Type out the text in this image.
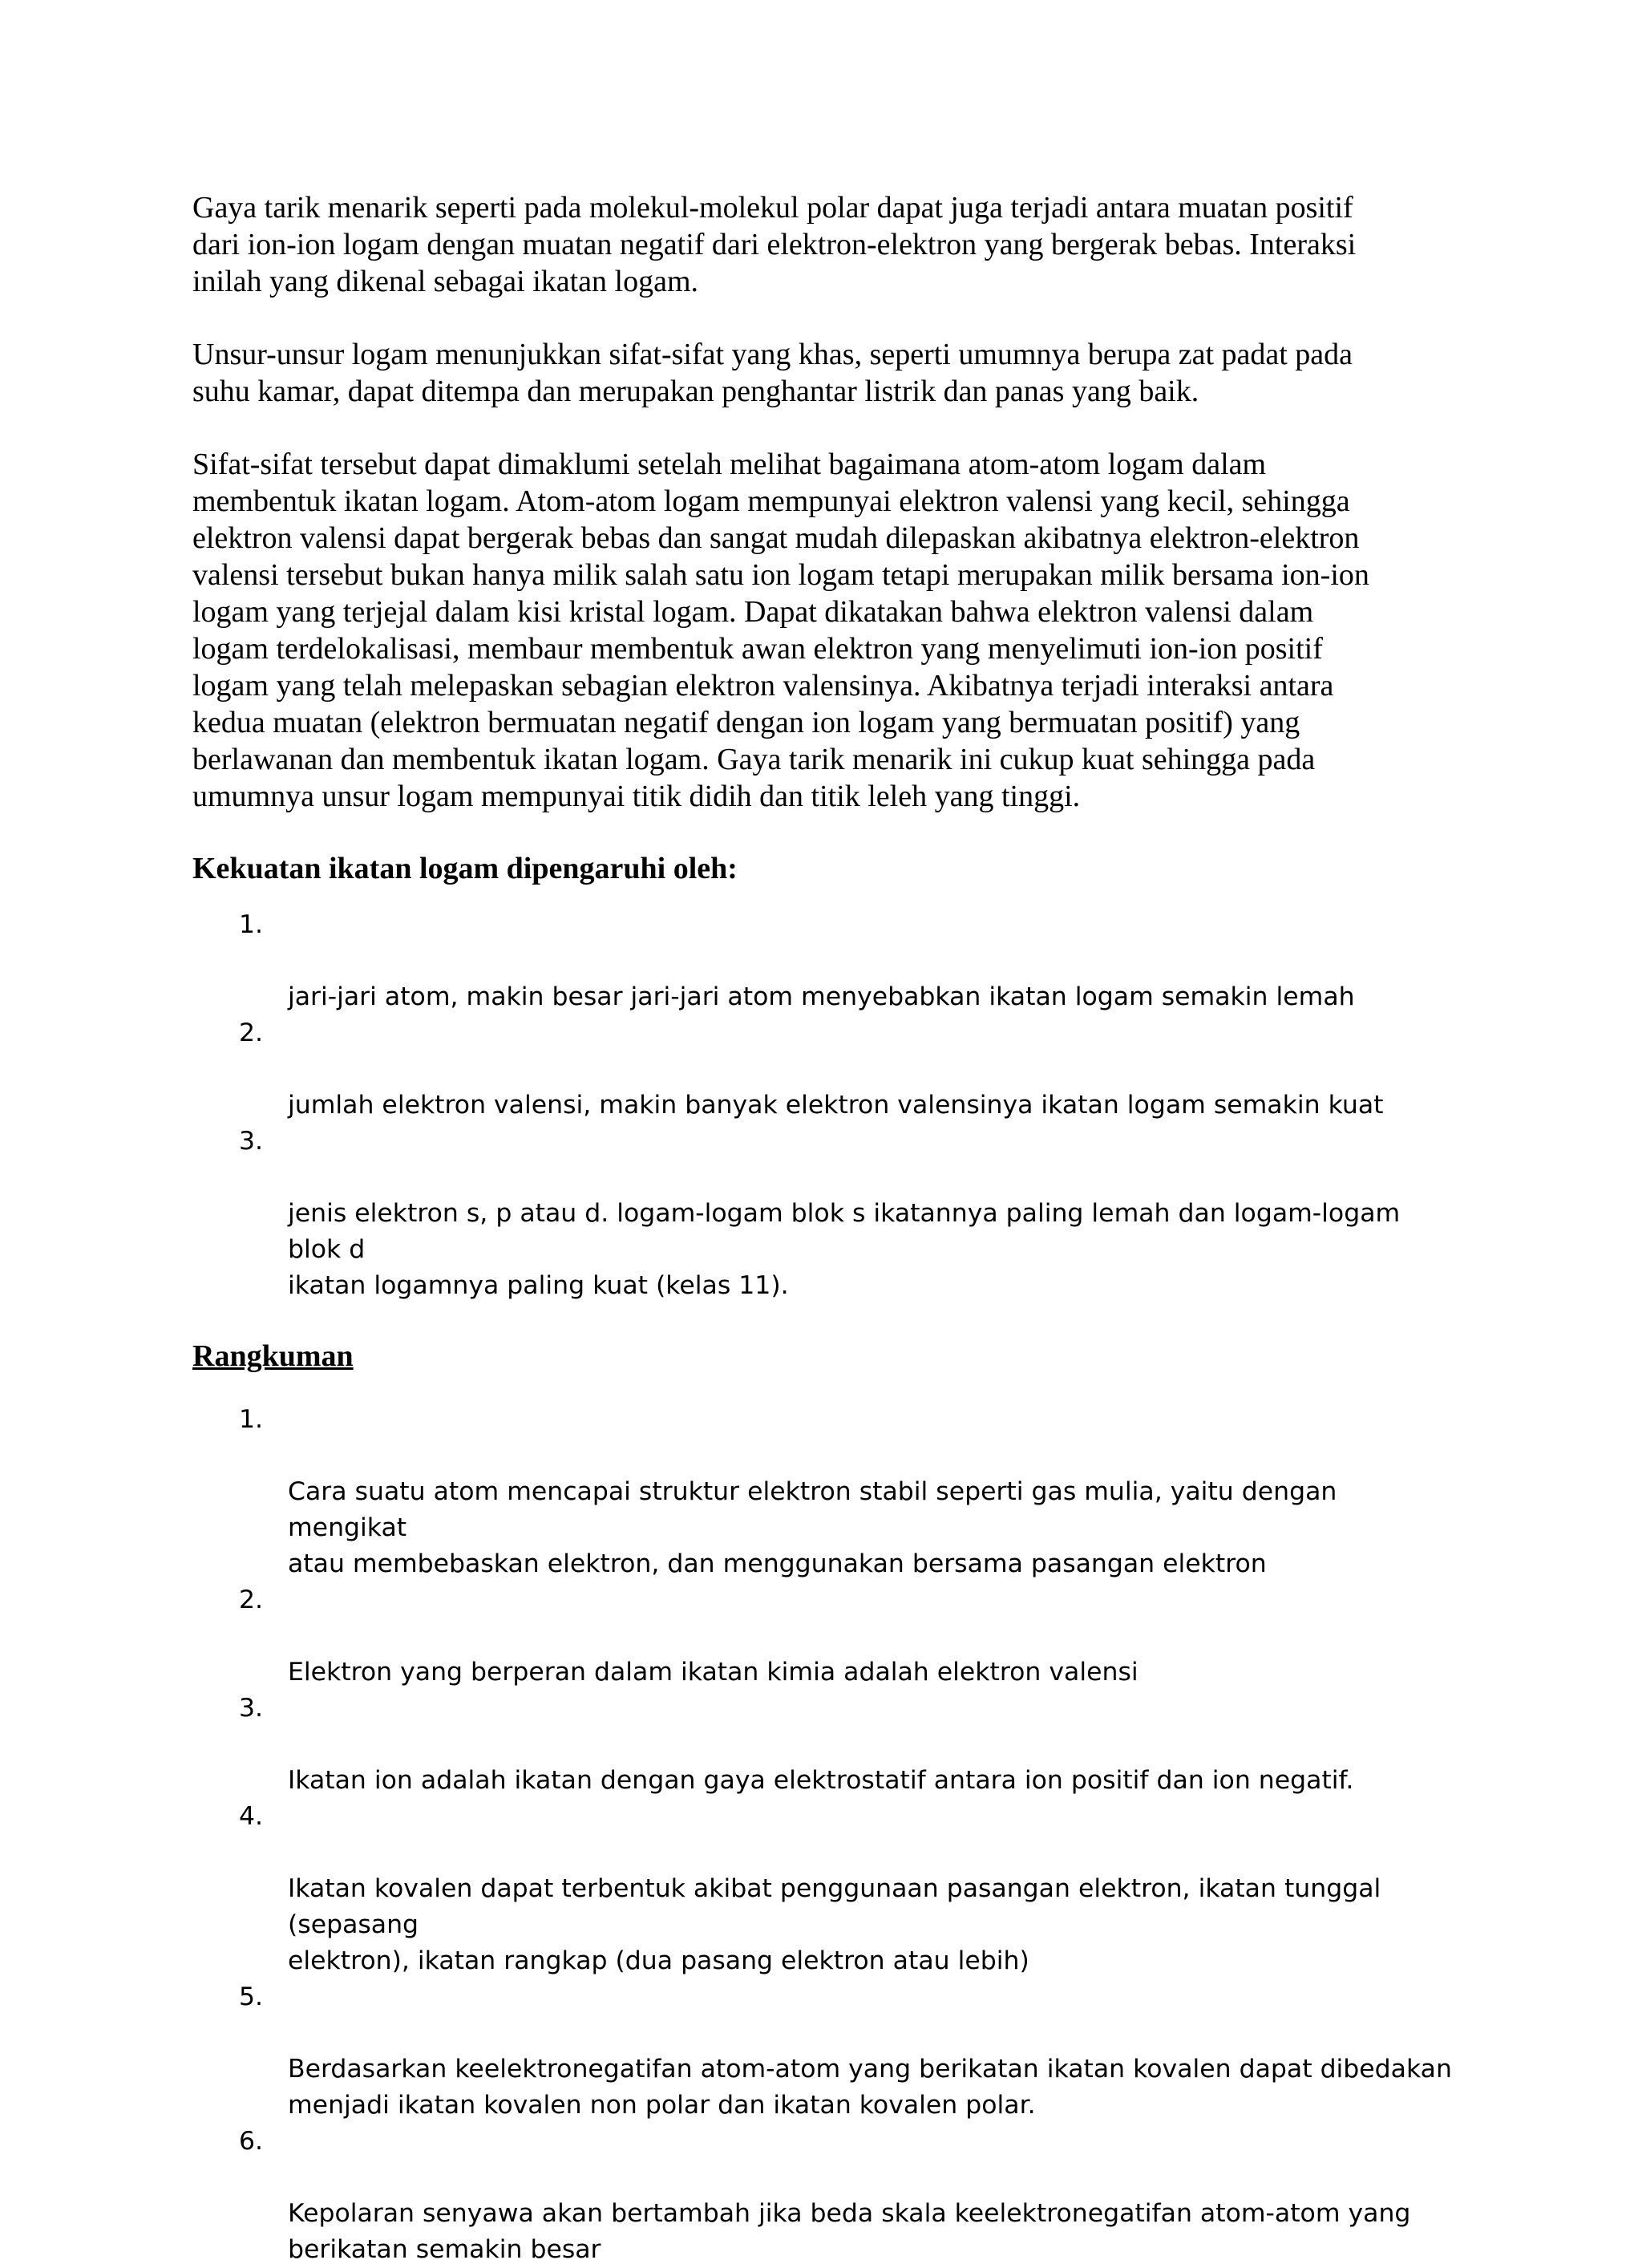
Gaya tarik menarik seperti pada molekul-molekul polar dapat juga terjadi antara muatan positif
dari ion-ion logam dengan muatan negatif dari elektron-elektron yang bergerak bebas. Interaksi
inilah yang dikenal sebagai ikatan logam.

Unsur-unsur logam menunjukkan sifat-sifat yang khas, seperti umumnya berupa zat padat pada
suhu kamar, dapat ditempa dan merupakan penghantar listrik dan panas yang baik.

Sifat-sifat tersebut dapat dimaklumi setelah melihat bagaimana atom-atom logam dalam
membentuk ikatan logam. Atom-atom logam mempunyai elektron valensi yang kecil, sehingga
elektron valensi dapat bergerak bebas dan sangat mudah dilepaskan akibatnya elektron-elektron
valensi tersebut bukan hanya milik salah satu ion logam tetapi merupakan milik bersama ion-ion
logam yang terjejal dalam kisi kristal logam. Dapat dikatakan bahwa elektron valensi dalam
logam terdelokalisasi, membaur membentuk awan elektron yang menyelimuti ion-ion positif
logam yang telah melepaskan sebagian elektron valensinya. Akibatnya terjadi interaksi antara
kedua muatan (elektron bermuatan negatif dengan ion logam yang bermuatan positif) yang
berlawanan dan membentuk ikatan logam. Gaya tarik menarik ini cukup kuat sehingga pada
umumnya unsur logam mempunyai titik didih dan titik leleh yang tinggi.

Kekuatan ikatan logam dipengaruhi oleh:

1.

jari-jari atom, makin besar jari-jari atom menyebabkan ikatan logam semakin lemah

2.

jumlah elektron valensi, makin banyak elektron valensinya ikatan logam semakin kuat

3.

jenis elektron s, p atau d. logam-logam blok s ikatannya paling lemah dan logam-logam blok d
ikatan logamnya paling kuat (kelas 11).

Rangkuman

1.

Cara suatu atom mencapai struktur elektron stabil seperti gas mulia, yaitu dengan mengikat
atau membebaskan elektron, dan menggunakan bersama pasangan elektron

2.

Elektron yang berperan dalam ikatan kimia adalah elektron valensi

3.

Ikatan ion adalah ikatan dengan gaya elektrostatif antara ion positif dan ion negatif.

4.

Ikatan kovalen dapat terbentuk akibat penggunaan pasangan elektron, ikatan tunggal (sepasang
elektron), ikatan rangkap (dua pasang elektron atau lebih)

5.

Berdasarkan keelektronegatifan atom-atom yang berikatan ikatan kovalen dapat dibedakan
menjadi ikatan kovalen non polar dan ikatan kovalen polar.

6.

Kepolaran senyawa akan bertambah jika beda skala keelektronegatifan atom-atom yang
berikatan semakin besar
